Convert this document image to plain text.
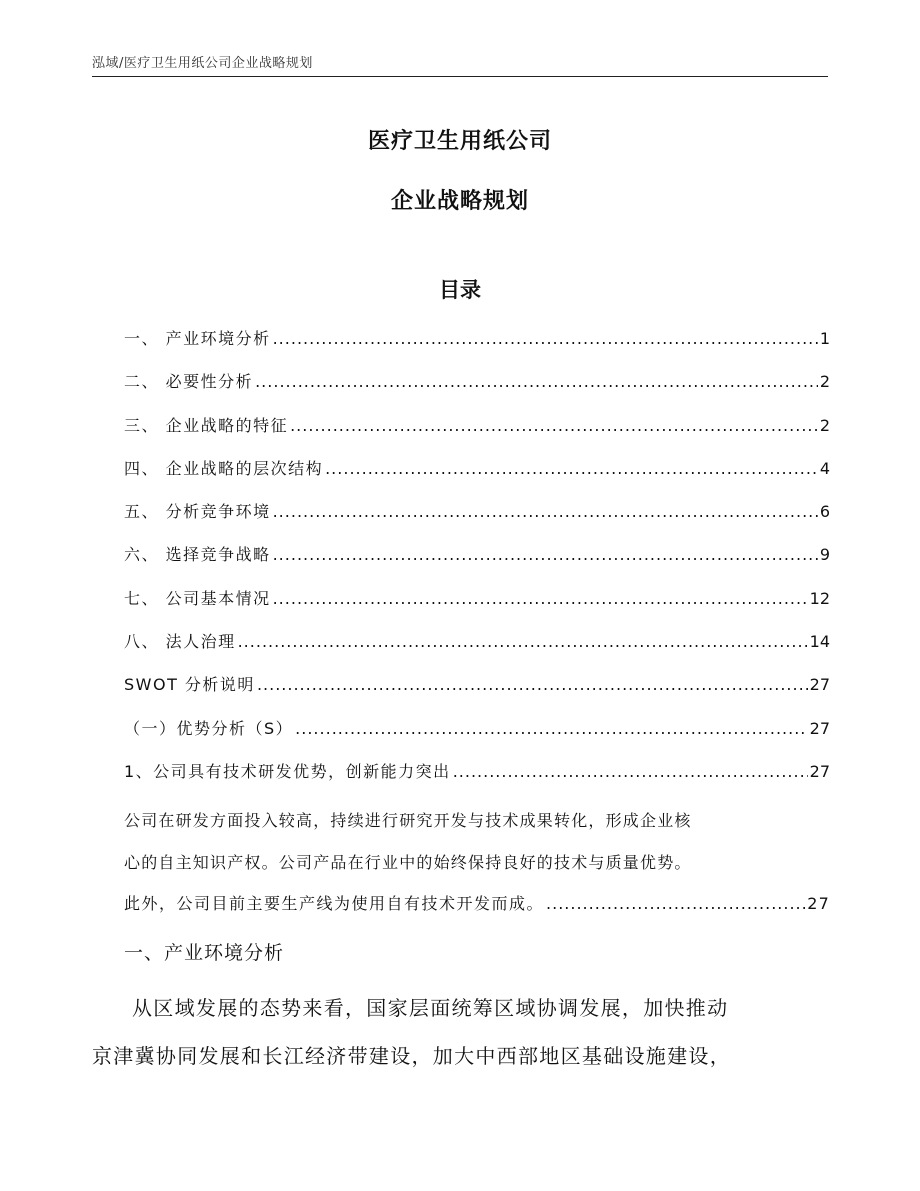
泓域/医疗卫生用纸公司企业战略规划
医疗卫生用纸公司
企业战略规划
目录
一、 产业环境分析 .....	1
二、 必要性分析 .....	2
三、 企业战略的特征 .....	2
四、 企业战略的层次结构 .....	4
五、 分析竞争环境 .....	6
六、 选择竞争战略 .....	9
七、 公司基本情况 .....	12
八、 法人治理 .....	14
SWOT 分析说明 .....	27
（一）优势分析（S） .....	27
1、公司具有技术研发优势，创新能力突出 .....	27
公司在研发方面投入较高，持续进行研究开发与技术成果转化，形成企业核
心的自主知识产权。公司产品在行业中的始终保持良好的技术与质量优势。
此外，公司目前主要生产线为使用自有技术开发而成。 .....	27
一、产业环境分析
从区域发展的态势来看，国家层面统筹区域协调发展，加快推动
京津冀协同发展和长江经济带建设，加大中西部地区基础设施建设，
